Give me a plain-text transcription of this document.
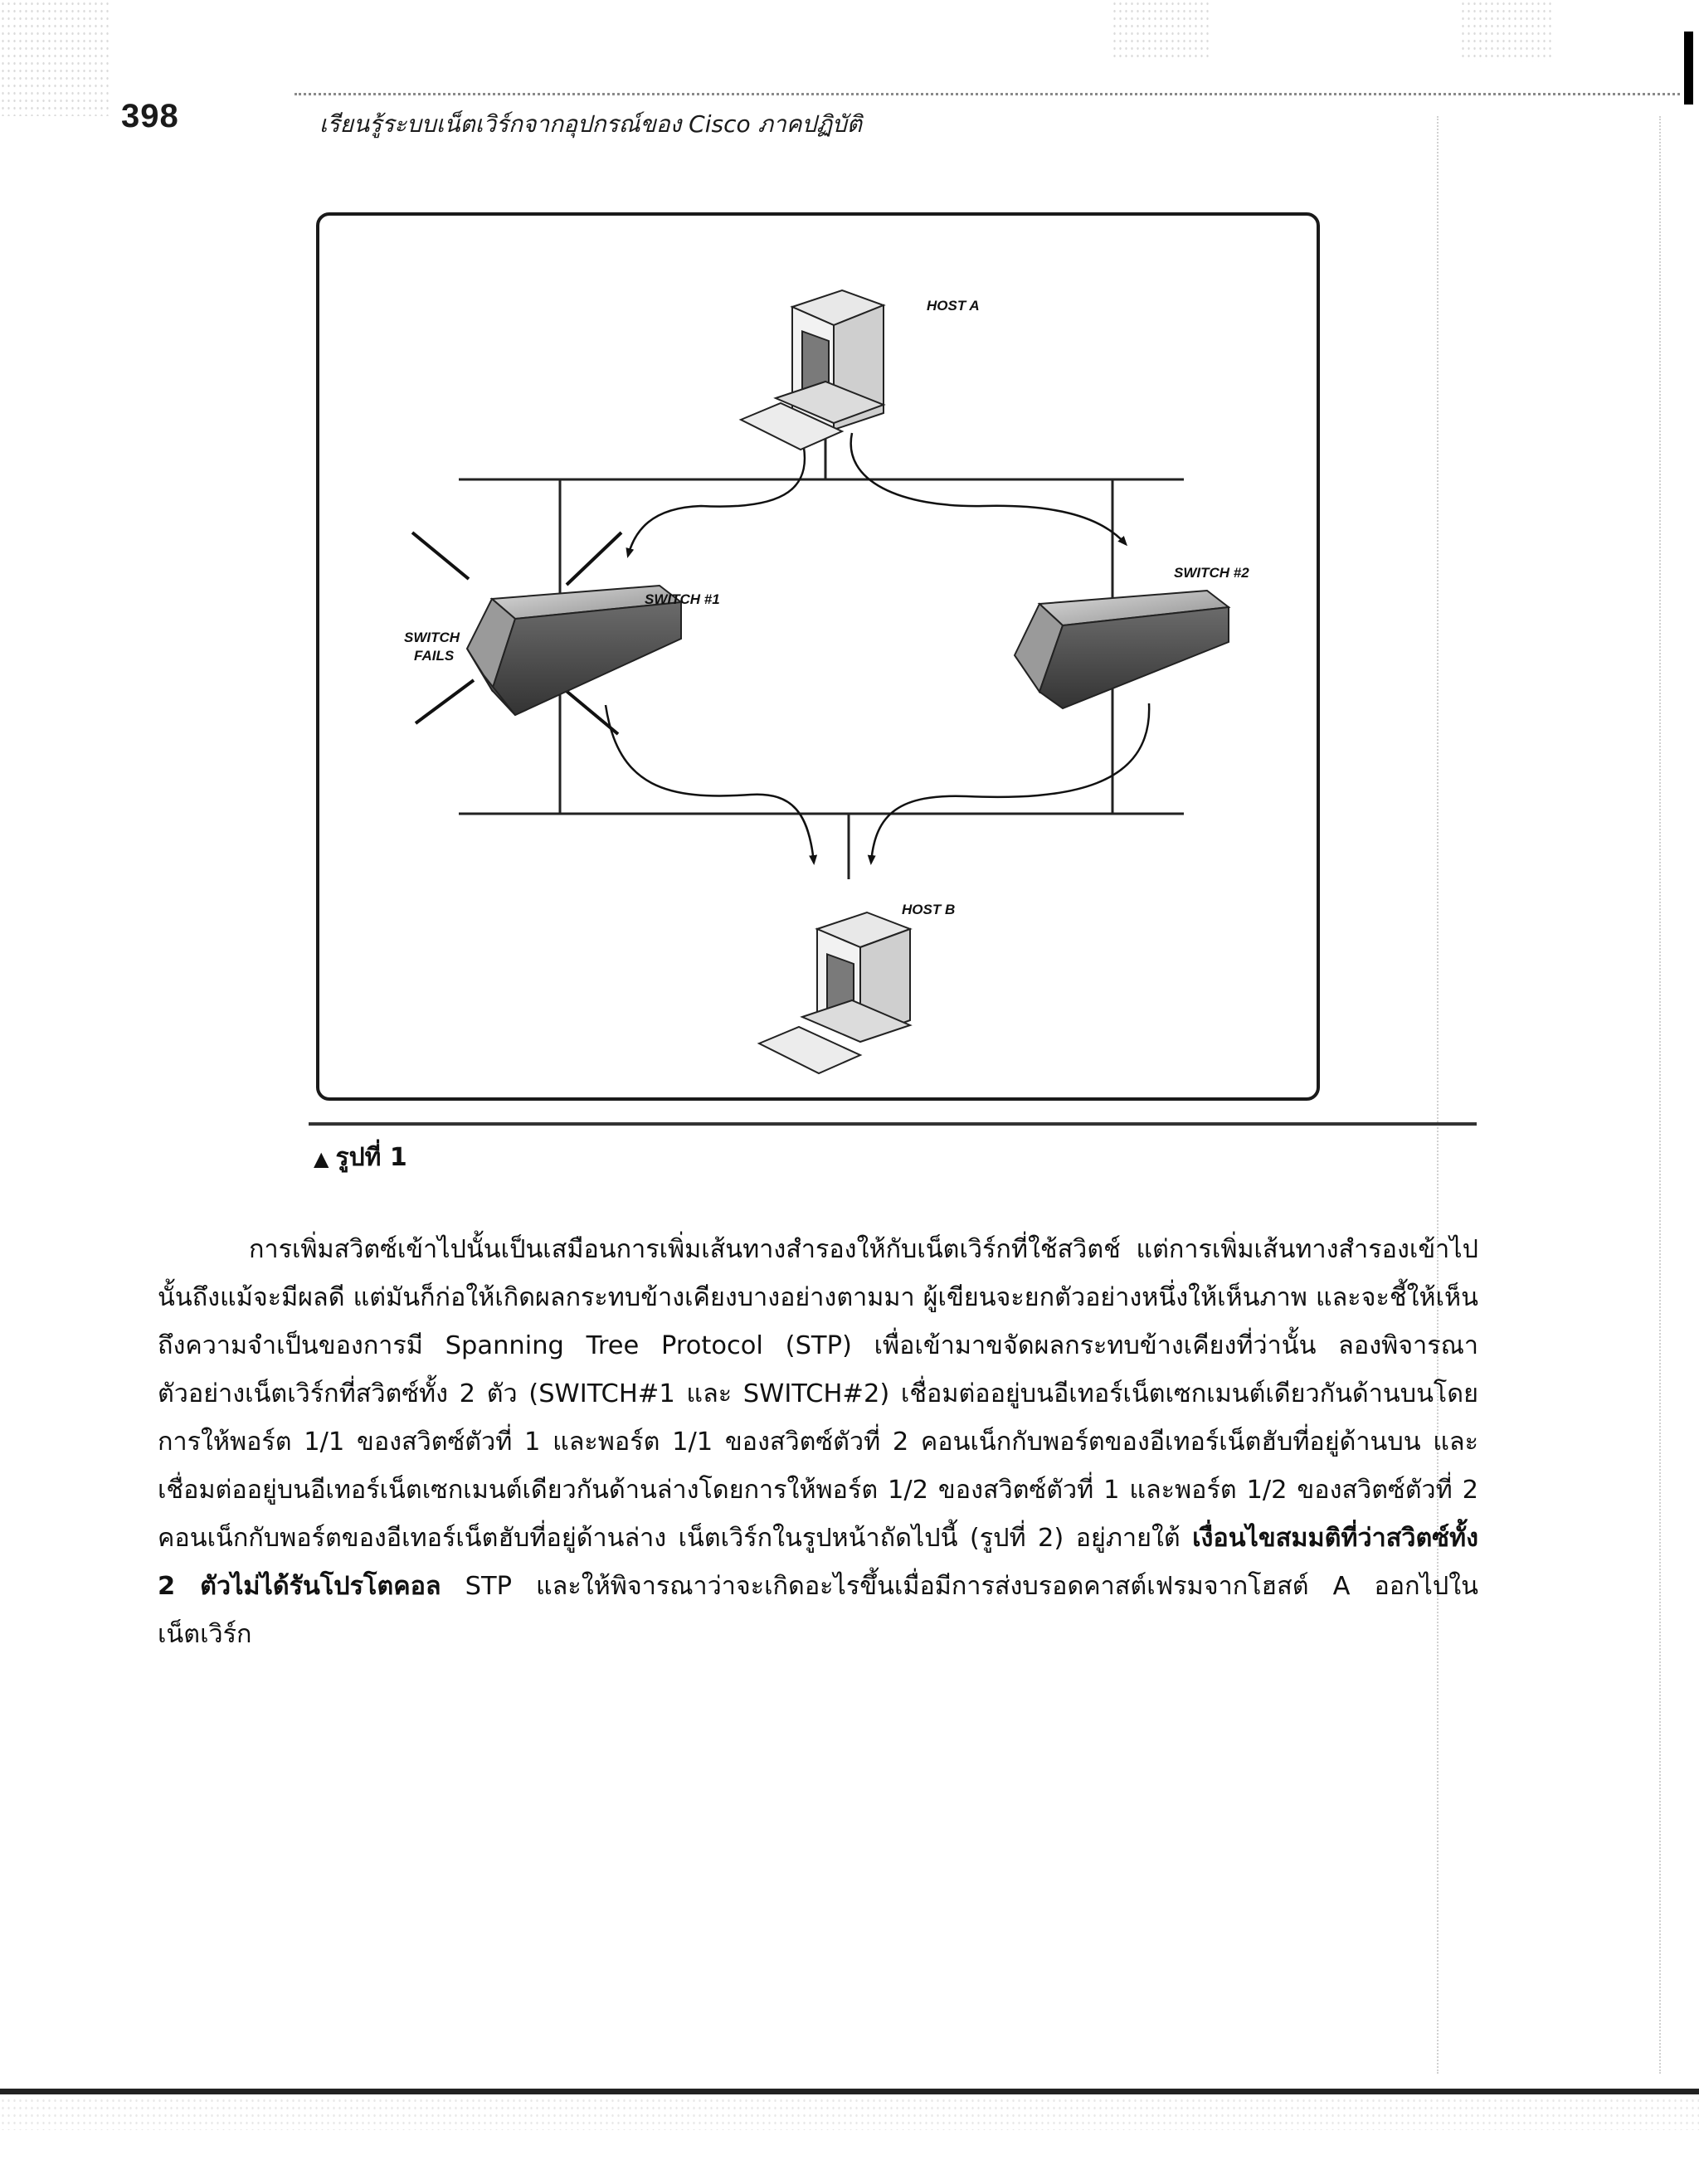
398	เรียนรู้ระบบเน็ตเวิร์กจากอุปกรณ์ของ Cisco ภาคปฏิบัติ
SWITCH #1
SWITCH
FAILS
SWITCH #2
HOST A
HOST B
▲ รูปที่ 1

การเพิ่มสวิตซ์เข้าไปนั้นเป็นเสมือนการเพิ่มเส้นทางสำรองให้กับเน็ตเวิร์กที่ใช้สวิตช์ แต่การเพิ่มเส้นทางสำรองเข้าไปนั้นถึงแม้จะมีผลดี แต่มันก็ก่อให้เกิดผลกระทบข้างเคียงบางอย่างตามมา ผู้เขียนจะยกตัวอย่างหนึ่งให้เห็นภาพ และจะชี้ให้เห็นถึงความจำเป็นของการมี Spanning Tree Protocol (STP) เพื่อเข้ามาขจัดผลกระทบข้างเคียงที่ว่านั้น ลองพิจารณาตัวอย่างเน็ตเวิร์กที่สวิตซ์ทั้ง 2 ตัว (SWITCH#1 และ SWITCH#2) เชื่อมต่ออยู่บนอีเทอร์เน็ตเซกเมนต์เดียวกันด้านบนโดยการให้พอร์ต 1/1 ของสวิตซ์ตัวที่ 1 และพอร์ต 1/1 ของสวิตซ์ตัวที่ 2 คอนเน็กกับพอร์ตของอีเทอร์เน็ตฮับที่อยู่ด้านบน และเชื่อมต่ออยู่บนอีเทอร์เน็ตเซกเมนต์เดียวกันด้านล่างโดยการให้พอร์ต 1/2 ของสวิตซ์ตัวที่ 1 และพอร์ต 1/2 ของสวิตซ์ตัวที่ 2 คอนเน็กกับพอร์ตของอีเทอร์เน็ตฮับที่อยู่ด้านล่าง เน็ตเวิร์กในรูปหน้าถัดไปนี้ (รูปที่ 2) อยู่ภายใต้ เงื่อนไขสมมติที่ว่าสวิตซ์ทั้ง 2 ตัวไม่ได้รันโปรโตคอล STP และให้พิจารณาว่าจะเกิดอะไรขึ้นเมื่อมีการส่งบรอดคาสต์เฟรมจากโฮสต์ A ออกไปในเน็ตเวิร์ก
